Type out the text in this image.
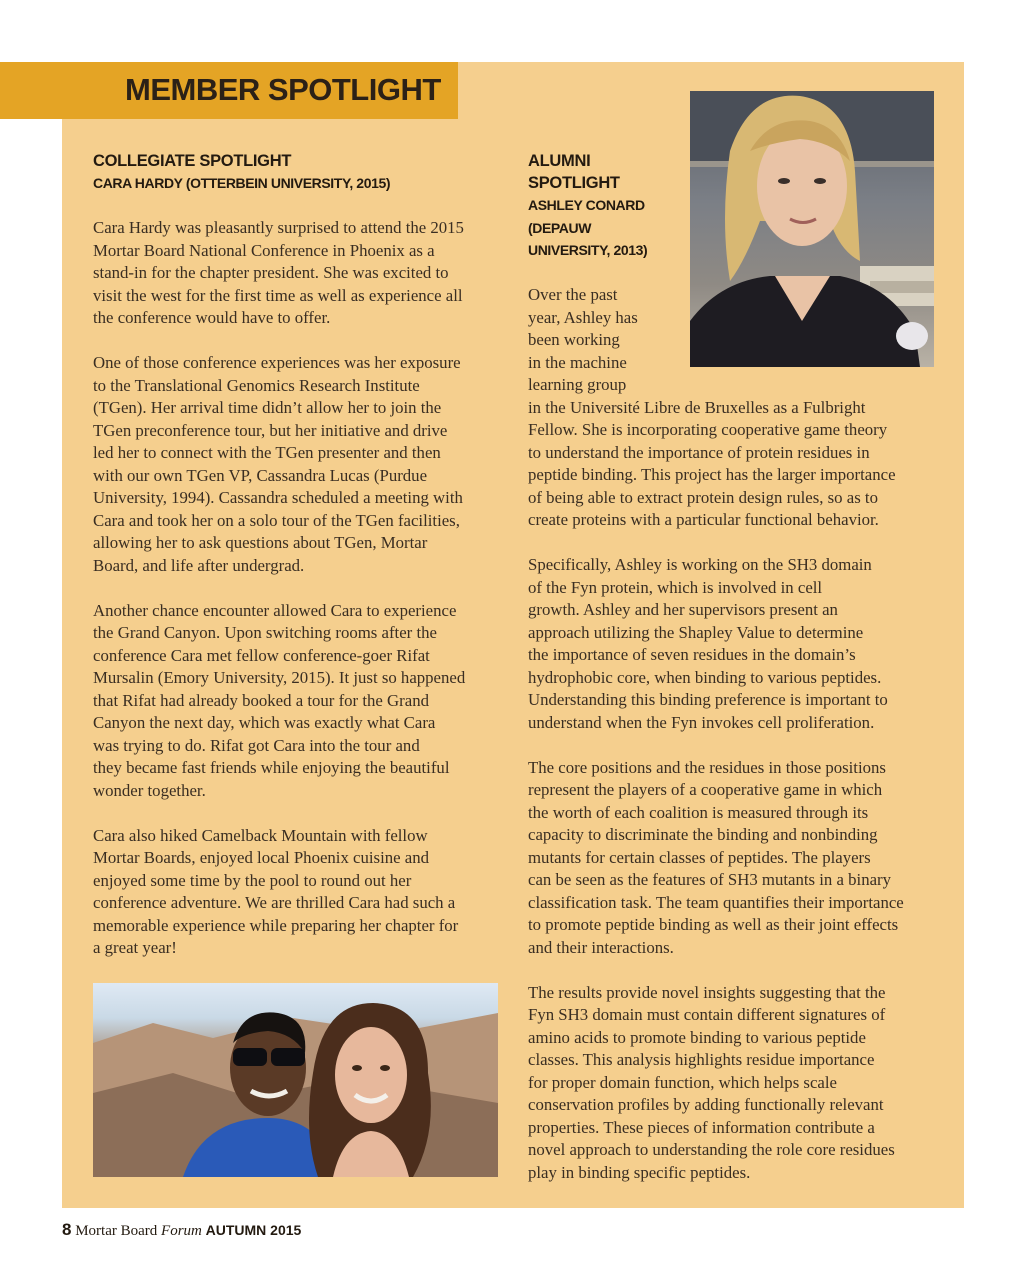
MEMBER SPOTLIGHT
COLLEGIATE SPOTLIGHT
CARA HARDY (OTTERBEIN UNIVERSITY, 2015)
Cara Hardy was pleasantly surprised to attend the 2015
Mortar Board National Conference in Phoenix as a
stand-in for the chapter president. She was excited to
visit the west for the first time as well as experience all
the conference would have to offer.
One of those conference experiences was her exposure
to the Translational Genomics Research Institute
(TGen). Her arrival time didn’t allow her to join the
TGen preconference tour, but her initiative and drive
led her to connect with the TGen presenter and then
with our own TGen VP, Cassandra Lucas (Purdue
University, 1994). Cassandra scheduled a meeting with
Cara and took her on a solo tour of the TGen facilities,
allowing her to ask questions about TGen, Mortar
Board, and life after undergrad.
Another chance encounter allowed Cara to experience
the Grand Canyon. Upon switching rooms after the
conference Cara met fellow conference-goer Rifat
Mursalin (Emory University, 2015). It just so happened
that Rifat had already booked a tour for the Grand
Canyon the next day, which was exactly what Cara
was trying to do. Rifat got Cara into the tour and
they became fast friends while enjoying the beautiful
wonder together.
Cara also hiked Camelback Mountain with fellow
Mortar Boards, enjoyed local Phoenix cuisine and
enjoyed some time by the pool to round out her
conference adventure. We are thrilled Cara had such a
memorable experience while preparing her chapter for
a great year!
ALUMNI
SPOTLIGHT
ASHLEY CONARD
(DEPAUW
UNIVERSITY, 2013)
Over the past
year, Ashley has
been working
in the machine
learning group
in the Université Libre de Bruxelles as a Fulbright
Fellow. She is incorporating cooperative game theory
to understand the importance of protein residues in
peptide binding. This project has the larger importance
of being able to extract protein design rules, so as to
create proteins with a particular functional behavior.
Specifically, Ashley is working on the SH3 domain
of the Fyn protein, which is involved in cell
growth. Ashley and her supervisors present an
approach utilizing the Shapley Value to determine
the importance of seven residues in the domain’s
hydrophobic core, when binding to various peptides.
Understanding this binding preference is important to
understand when the Fyn invokes cell proliferation.
The core positions and the residues in those positions
represent the players of a cooperative game in which
the worth of each coalition is measured through its
capacity to discriminate the binding and nonbinding
mutants for certain classes of peptides. The players
can be seen as the features of SH3 mutants in a binary
classification task. The team quantifies their importance
to promote peptide binding as well as their joint effects
and their interactions.
The results provide novel insights suggesting that the
Fyn SH3 domain must contain different signatures of
amino acids to promote binding to various peptide
classes. This analysis highlights residue importance
for proper domain function, which helps scale
conservation profiles by adding functionally relevant
properties. These pieces of information contribute a
novel approach to understanding the role core residues
play in binding specific peptides.
8 Mortar Board Forum AUTUMN 2015
